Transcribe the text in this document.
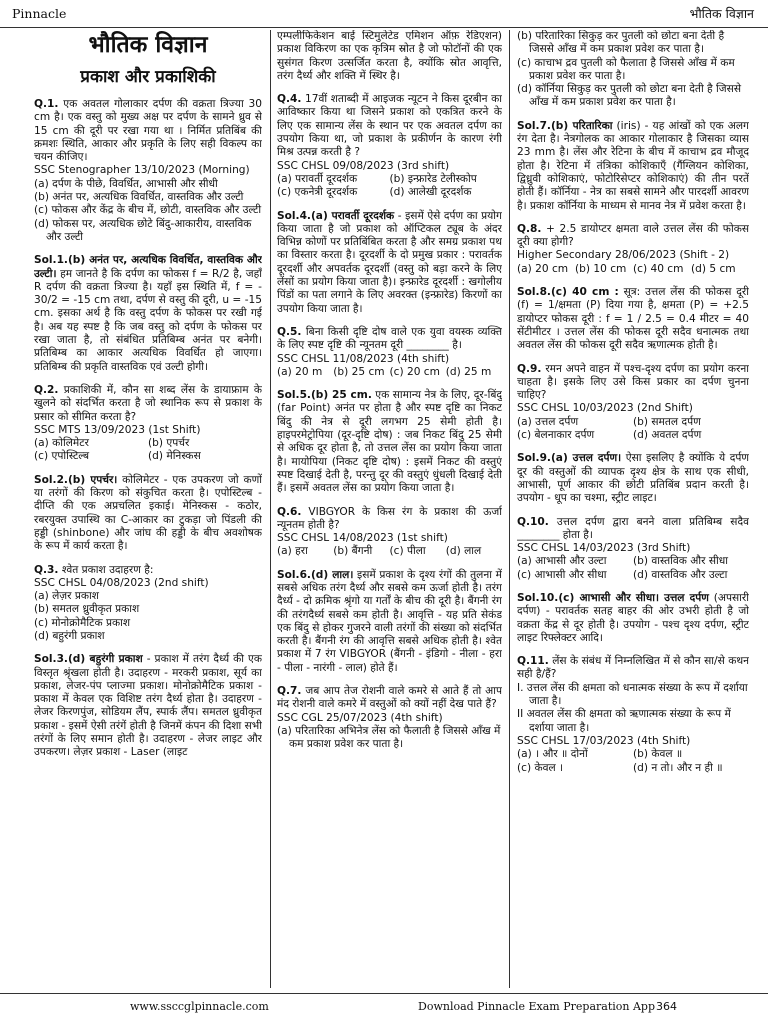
Pinnacle	भौतिक विज्ञान
भौतिक विज्ञान
प्रकाश और प्रकाशिकी

Q.1. एक अवतल गोलाकार दर्पण की वक्रता त्रिज्या 30 cm है। एक वस्तु को मुख्य अक्ष पर दर्पण के सामने ध्रुव से 15 cm की दूरी पर रखा गया था । निर्मित प्रतिबिंब की क्रमशः स्थिति, आकार और प्रकृति के लिए सही विकल्प का चयन कीजिए।

SSC Stenographer 13/10/2023 (Morning)

(a) दर्पण के पीछे, विवर्धित, आभासी और सीधी
(b) अनंत पर, अत्यधिक विवर्धित, वास्तविक और उल्टी
(c) फोकस और केंद्र के बीच में, छोटी, वास्तविक और उल्टी
(d) फोकस पर, अत्यधिक छोटे बिंदु-आकारीय, वास्तविक और उल्टी

Sol.1.(b) अनंत पर, अत्यधिक विवर्धित, वास्तविक और उल्टी। हम जानते है कि दर्पण का फोकस f = R/2 है, जहाँ R दर्पण की वक्रता त्रिज्या है। यहाँ इस स्थिति में, f = - 30/2 = -15 cm तथा, दर्पण से वस्तु की दूरी, u = -15 cm. इसका अर्थ है कि वस्तु दर्पण के फोकस पर रखी गई है। अब यह स्पष्ट है कि जब वस्तु को दर्पण के फोकस पर रखा जाता है, तो संबंधित प्रतिबिम्ब अनंत पर बनेगी। प्रतिबिम्ब का आकार अत्यधिक विवर्धित हो जाएगा। प्रतिबिम्ब की प्रकृति वास्तविक एवं उल्टी होगी।

Q.2. प्रकाशिकी में, कौन सा शब्द लेंस के डायाफ्राम के खुलने को संदर्भित करता है जो स्थानिक रूप से प्रकाश के प्रसार को सीमित करता है?

SSC MTS 13/09/2023 (1st Shift)

(a) कोलिमेटर	(b) एपर्चर
(c) एपोस्टिल्ब	(d) मेनिस्कस

Sol.2.(b) एपर्चर। कोलिमेटर - एक उपकरण जो कणों या तरंगों की किरण को संकुचित करता है। एपोस्टिल्ब - दीप्ति की एक अप्रचलित इकाई। मेनिस्कस - कठोर, रबरयुक्त उपास्थि का C-आकार का टुकड़ा जो पिंडली की हड्डी (shinbone) और जांघ की हड्डी के बीच अवशोषक के रूप में कार्य करता है।

Q.3. श्वेत प्रकाश उदाहरण है:

SSC CHSL 04/08/2023 (2nd shift)

(a) लेज़र प्रकाश
(b) समतल ध्रुवीकृत प्रकाश
(c) मोनोक्रोमैटिक प्रकाश
(d) बहुरंगी प्रकाश

Sol.3.(d) बहुरंगी प्रकाश - प्रकाश में तरंग दैर्ध्य की एक विस्तृत श्रृंखला होती है। उदाहरण - मरकरी प्रकाश, सूर्य का प्रकाश, लेजर-पंप प्लाज्मा प्रकाश। मोनोक्रोमैटिक प्रकाश - प्रकाश में केवल एक विशिष्ट तरंग दैर्ध्य होता है। उदाहरण - लेजर किरणपुंज, सोडियम लैंप, स्पार्क लैंप। समतल ध्रुवीकृत प्रकाश - इसमें ऐसी तरंगें होती है जिनमें कंपन की दिशा सभी तरंगों के लिए समान होती है। उदाहरण - लेजर लाइट और उपकरण। लेज़र प्रकाश - Laser (लाइट

एम्पलीफिकेशन बाई स्टिमुलेटेड एमिशन ऑफ़ रेडिएशन) प्रकाश विकिरण का एक कृत्रिम स्रोत है जो फोटॉनों की एक सुसंगत किरण उत्सर्जित करता है, क्योंकि स्रोत आवृत्ति, तरंग दैर्ध्य और शक्ति में स्थिर है।

Q.4. 17वीं शताब्दी में आइजक न्यूटन ने किस दूरबीन का आविष्कार किया था जिसने प्रकाश को एकत्रित करने के लिए एक सामान्य लेंस के स्थान पर एक अवतल दर्पण का उपयोग किया था, जो प्रकाश के प्रकीर्णन के कारण रंगी मिश्र उत्पन्न करती है ?

SSC CHSL 09/08/2023 (3rd shift)

(a) परावर्ती दूरदर्शक	(b) इन्फ्रारेड टेलीस्कोप
(c) एकनेत्री दूरदर्शक	(d) आलेखी दूरदर्शक

Sol.4.(a) परावर्ती दूरदर्शक - इसमें ऐसे दर्पण का प्रयोग किया जाता है जो प्रकाश को ऑप्टिकल ट्यूब के अंदर विभिन्न कोणों पर प्रतिबिंबित करता है और समग्र प्रकाश पथ का विस्तार करता है। दूरदर्शी के दो प्रमुख प्रकार : परावर्तक दूरदर्शी और अपवर्तक दूरदर्शी (वस्तु को बड़ा करने के लिए लेंसों का प्रयोग किया जाता है)। इन्फ्रारेड दूरदर्शी : खगोलीय पिंडों का पता लगाने के लिए अवरक्त (इन्फ्रारेड) किरणों का उपयोग किया जाता है।

Q.5. बिना किसी दृष्टि दोष वाले एक युवा वयस्क व्यक्ति के लिए स्पष्ट दृष्टि की न्यूनतम दूरी ________ है।

SSC CHSL 11/08/2023 (4th shift)

(a) 20 m	(b) 25 cm (c) 20 cm (d) 25 m

Sol.5.(b) 25 cm. एक सामान्य नेत्र के लिए, दूर-बिंदु (far Point) अनंत पर होता है और स्पष्ट दृष्टि का निकट बिंदु की नेत्र से दूरी लगभग 25 सेमी होती है। हाइपरमेट्रोपिया (दूर-दृष्टि दोष) : जब निकट बिंदु 25 सेमी से अधिक दूर होता है, तो उत्तल लेंस का प्रयोग किया जाता है। मायोपिया (निकट दृष्टि दोष) : इसमें निकट की वस्तुएं स्पष्ट दिखाई देती है, परन्तु दूर की वस्तुएं धुंधली दिखाई देती हैं। इसमें अवतल लेंस का प्रयोग किया जाता है।

Q.6. VIBGYOR के किस रंग के प्रकाश की ऊर्जा न्यूनतम होती है?

SSC CHSL 14/08/2023 (1st shift)

(a) हरा	(b) बैंगनी	(c) पीला	(d) लाल

Sol.6.(d) लाल। इसमें प्रकाश के दृश्य रंगों की तुलना में सबसे अधिक तरंग दैर्ध्य और सबसे कम ऊर्जा होती है। तरंग दैर्ध्य - दो क्रमिक श्रृंगो या गर्तों के बीच की दूरी है। बैंगनी रंग की तरंगदैर्ध्य सबसे कम होती है। आवृत्ति - यह प्रति सेकंड एक बिंदु से होकर गुजरने वाली तरंगों की संख्या को संदर्भित करती है। बैंगनी रंग की आवृत्ति सबसे अधिक होती है। श्वेत प्रकाश में 7 रंग VIBGYOR (बैंगनी - इंडिगो - नीला - हरा - पीला - नारंगी - लाल) होते हैं।

Q.7. जब आप तेज रोशनी वाले कमरे से आते हैं तो आप मंद रोशनी वाले कमरे में वस्तुओं को क्यों नहीं देख पाते हैं?

SSC CGL 25/07/2023 (4th shift)

(a) परितारिका अभिनेत्र लेंस को फैलाती है जिससे आँख में कम प्रकाश प्रवेश कर पाता है।
(b) परितारिका सिकुड़ कर पुतली को छोटा बना देती है जिससे आँख में कम प्रकाश प्रवेश कर पाता है।
(c) काचाभ द्रव पुतली को फैलाता है जिससे आँख में कम प्रकाश प्रवेश कर पाता है।
(d) कॉर्निया सिकुड़ कर पुतली को छोटा बना देती है जिससे आँख में कम प्रकाश प्रवेश कर पाता है।

Sol.7.(b) परितारिका (iris) - यह आंखों को एक अलग रंग देता है। नेत्रगोलक का आकार गोलाकार है जिसका व्यास 23 mm है। लेंस और रेटिना के बीच में काचाभ द्रव मौजूद होता है। रेटिना में तंत्रिका कोशिकाएँ (गैंग्लियन कोशिका, द्विध्रुवी कोशिकाएं, फोटोरिसेप्टर कोशिकाएं) की तीन परतें होती हैं। कॉर्निया - नेत्र का सबसे सामने और पारदर्शी आवरण है। प्रकाश कॉर्निया के माध्यम से मानव नेत्र में प्रवेश करता है।

Q.8. + 2.5 डायोप्टर क्षमता वाले उत्तल लेंस की फोकस दूरी क्या होगी?

Higher Secondary 28/06/2023 (Shift - 2)

(a) 20 cm (b) 10 cm (c) 40 cm (d) 5 cm

Sol.8.(c) 40 cm : सूत्र: उत्तल लेंस की फोकस दूरी (f) = 1/क्षमता (P) दिया गया है, क्षमता (P) = +2.5 डायोप्टर फोकस दूरी : f = 1 / 2.5 = 0.4 मीटर = 40 सेंटीमीटर । उत्तल लेंस की फोकस दूरी सदैव धनात्मक तथा अवतल लेंस की फोकस दूरी सदैव ऋणात्मक होती है।

Q.9. रमन अपने वाहन में पश्च-दृश्य दर्पण का प्रयोग करना चाहता है। इसके लिए उसे किस प्रकार का दर्पण चुनना चाहिए?

SSC CHSL 10/03/2023 (2nd Shift)

(a) उत्तल दर्पण	(b) समतल दर्पण
(c) बेलनाकार दर्पण	(d) अवतल दर्पण

Sol.9.(a) उत्तल दर्पण। ऐसा इसलिए है क्योंकि ये दर्पण दूर की वस्तुओं की व्यापक दृश्य क्षेत्र के साथ एक सीधी, आभासी, पूर्ण आकार की छोटी प्रतिबिंब प्रदान करती है। उपयोग - धूप का चश्मा, स्ट्रीट लाइट।

Q.10. उत्तल दर्पण द्वारा बनने वाला प्रतिबिम्ब सदैव ________ होता है।

SSC CHSL 14/03/2023 (3rd Shift)

(a) आभासी और उल्टा	(b) वास्तविक और सीधा
(c) आभासी और सीधा	(d) वास्तविक और उल्टा

Sol.10.(c) आभासी और सीधा। उत्तल दर्पण (अपसारी दर्पण) - परावर्तक सतह बाहर की ओर उभरी होती है जो वक्रता केंद्र से दूर होती है। उपयोग - पश्च दृश्य दर्पण, स्ट्रीट लाइट रिफ्लेक्टर आदि।

Q.11. लेंस के संबंध में निम्नलिखित में से कौन सा/से कथन सही है/हैं?

I. उत्तल लेंस की क्षमता को धनात्मक संख्या के रूप में दर्शाया जाता है।
II अवतल लेंस की क्षमता को ऋणात्मक संख्या के रूप में दर्शाया जाता है।

SSC CHSL 17/03/2023 (4th Shift)

(a) । और ॥ दोनों	(b) केवल ॥
(c) केवल ।	(d) न तो। और न ही ॥
www.ssccglpinnacle.com	Download Pinnacle Exam Preparation App 364
